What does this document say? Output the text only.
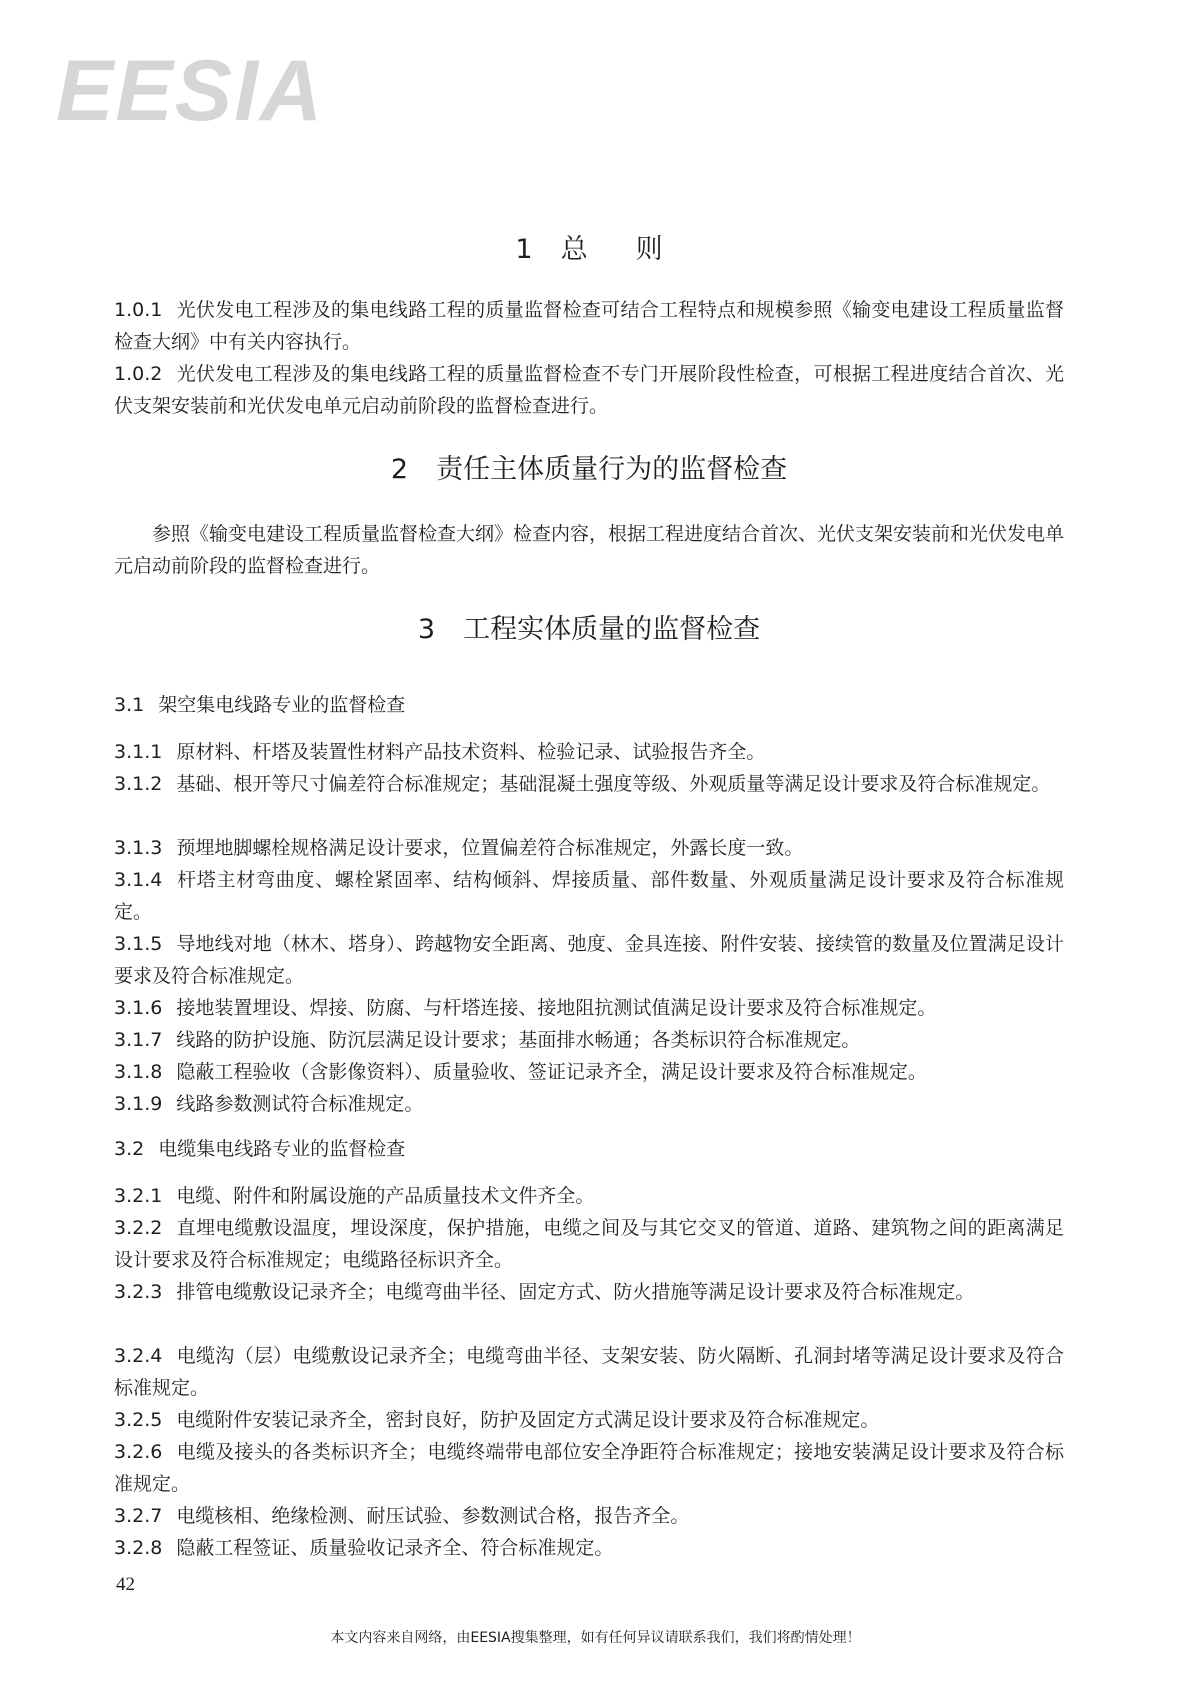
EESIA
1 总则
1.0.1 光伏发电工程涉及的集电线路工程的质量监督检查可结合工程特点和规模参照《输变电建设工程质量监督检查大纲》中有关内容执行。
1.0.2 光伏发电工程涉及的集电线路工程的质量监督检查不专门开展阶段性检查，可根据工程进度结合首次、光伏支架安装前和光伏发电单元启动前阶段的监督检查进行。
2 责任主体质量行为的监督检查
参照《输变电建设工程质量监督检查大纲》检查内容，根据工程进度结合首次、光伏支架安装前和光伏发电单元启动前阶段的监督检查进行。
3 工程实体质量的监督检查
3.1 架空集电线路专业的监督检查
3.1.1 原材料、杆塔及装置性材料产品技术资料、检验记录、试验报告齐全。
3.1.2 基础、根开等尺寸偏差符合标准规定；基础混凝土强度等级、外观质量等满足设计要求及符合标准规定。
3.1.3 预埋地脚螺栓规格满足设计要求，位置偏差符合标准规定，外露长度一致。
3.1.4 杆塔主材弯曲度、螺栓紧固率、结构倾斜、焊接质量、部件数量、外观质量满足设计要求及符合标准规定。
3.1.5 导地线对地（林木、塔身）、跨越物安全距离、弛度、金具连接、附件安装、接续管的数量及位置满足设计要求及符合标准规定。
3.1.6 接地装置埋设、焊接、防腐、与杆塔连接、接地阻抗测试值满足设计要求及符合标准规定。
3.1.7 线路的防护设施、防沉层满足设计要求；基面排水畅通；各类标识符合标准规定。
3.1.8 隐蔽工程验收（含影像资料）、质量验收、签证记录齐全，满足设计要求及符合标准规定。
3.1.9 线路参数测试符合标准规定。
3.2 电缆集电线路专业的监督检查
3.2.1 电缆、附件和附属设施的产品质量技术文件齐全。
3.2.2 直埋电缆敷设温度，埋设深度，保护措施，电缆之间及与其它交叉的管道、道路、建筑物之间的距离满足设计要求及符合标准规定；电缆路径标识齐全。
3.2.3 排管电缆敷设记录齐全；电缆弯曲半径、固定方式、防火措施等满足设计要求及符合标准规定。
3.2.4 电缆沟（层）电缆敷设记录齐全；电缆弯曲半径、支架安装、防火隔断、孔洞封堵等满足设计要求及符合标准规定。
3.2.5 电缆附件安装记录齐全，密封良好，防护及固定方式满足设计要求及符合标准规定。
3.2.6 电缆及接头的各类标识齐全；电缆终端带电部位安全净距符合标准规定；接地安装满足设计要求及符合标准规定。
3.2.7 电缆核相、绝缘检测、耐压试验、参数测试合格，报告齐全。
3.2.8 隐蔽工程签证、质量验收记录齐全、符合标准规定。
42
本文内容来自网络，由EESIA搜集整理，如有任何异议请联系我们，我们将酌情处理！
